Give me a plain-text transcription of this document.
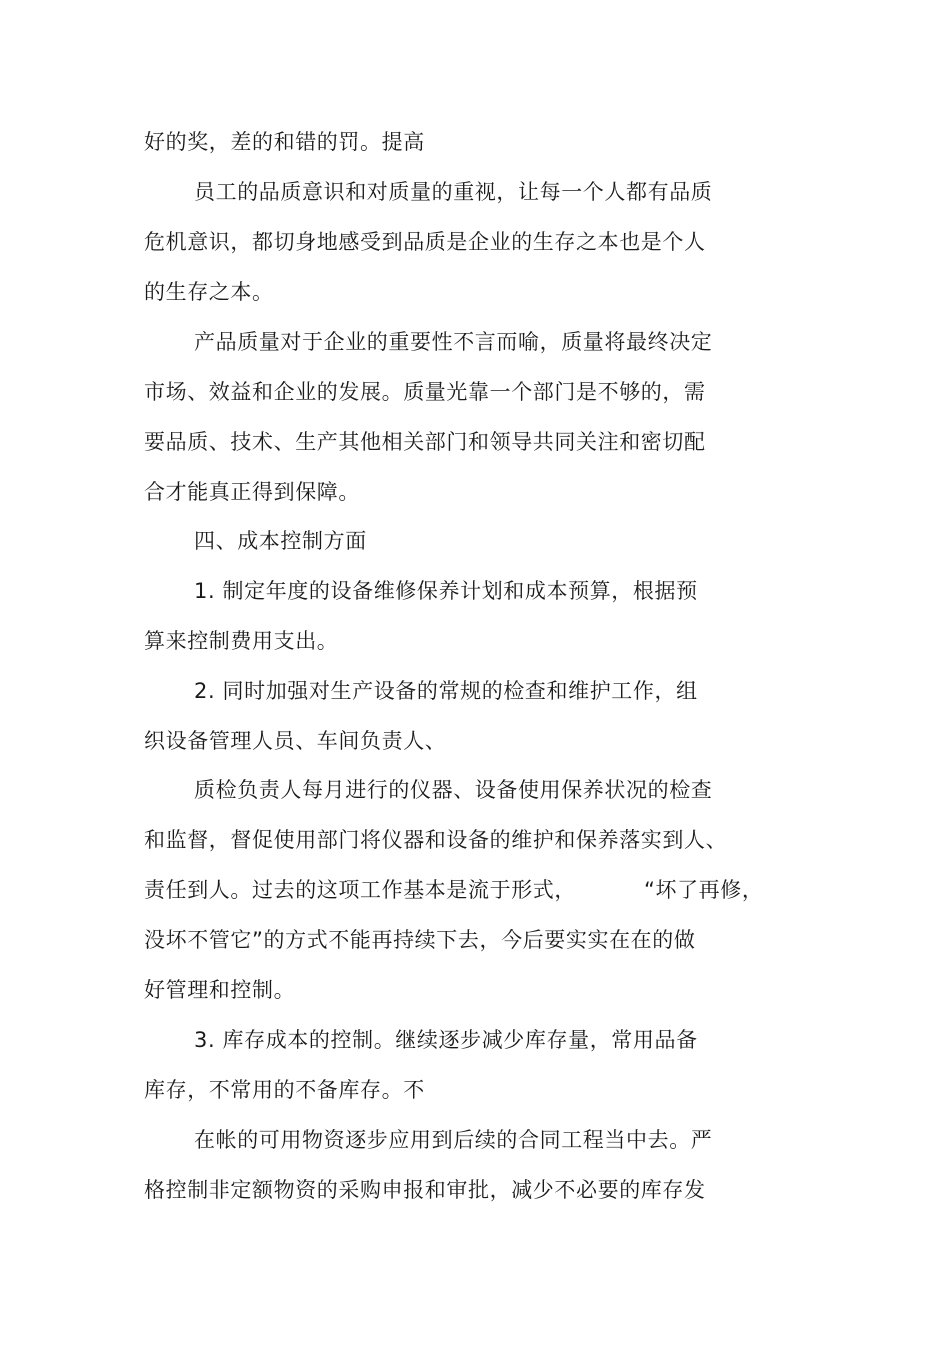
好的奖，差的和错的罚。提高
员工的品质意识和对质量的重视，让每一个人都有品质
危机意识，都切身地感受到品质是企业的生存之本也是个人
的生存之本。
产品质量对于企业的重要性不言而喻，质量将最终决定
市场、效益和企业的发展。质量光靠一个部门是不够的，需
要品质、技术、生产其他相关部门和领导共同关注和密切配
合才能真正得到保障。
四、成本控制方面
1. 制定年度的设备维修保养计划和成本预算，根据预
算来控制费用支出。
2. 同时加强对生产设备的常规的检查和维护工作，组
织设备管理人员、车间负责人、
质检负责人每月进行的仪器、设备使用保养状况的检查
和监督，督促使用部门将仪器和设备的维护和保养落实到人、
责任到人。过去的这项工作基本是流于形式，	“坏了再修，
没坏不管它”的方式不能再持续下去，今后要实实在在的做
好管理和控制。
3. 库存成本的控制。继续逐步减少库存量，常用品备
库存，不常用的不备库存。不
在帐的可用物资逐步应用到后续的合同工程当中去。严
格控制非定额物资的采购申报和审批，减少不必要的库存发
